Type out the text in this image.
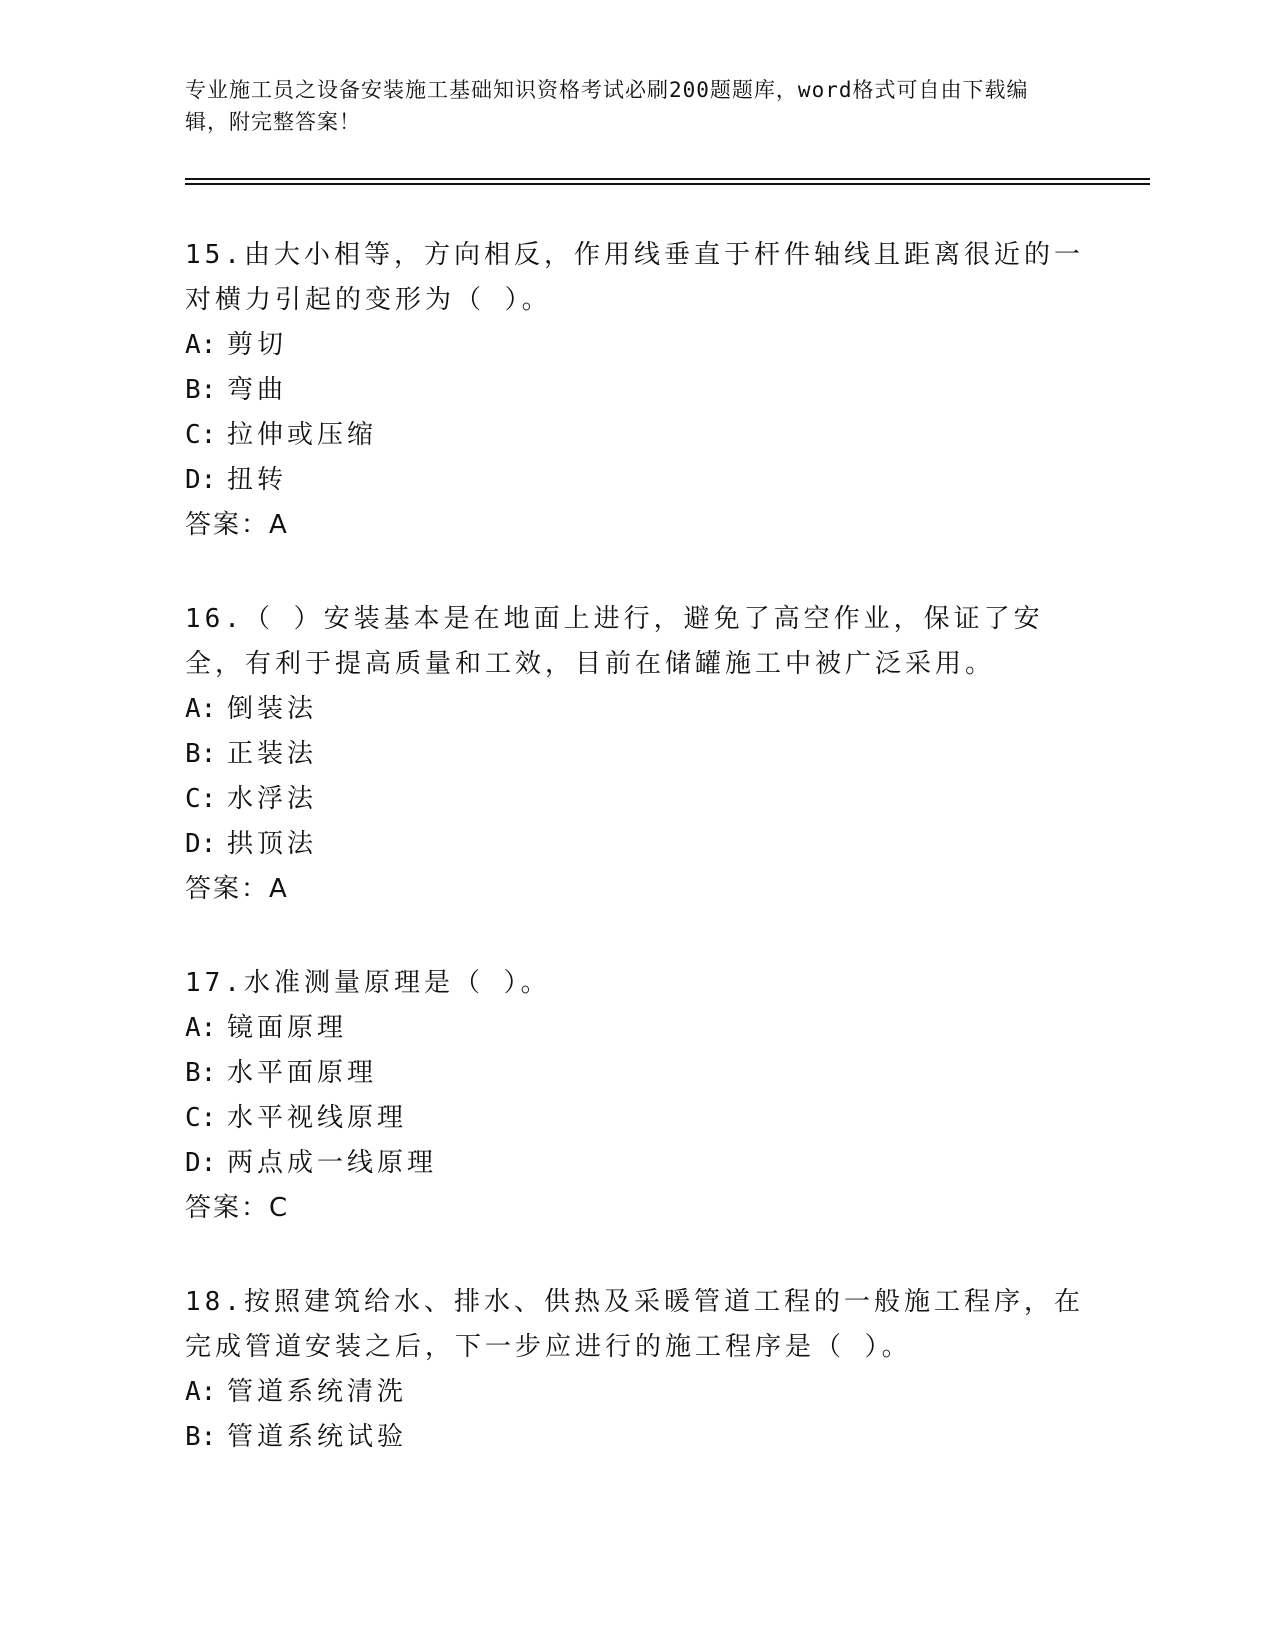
专业施工员之设备安装施工基础知识资格考试必刷200题题库，word格式可自由下载编辑，附完整答案！
15.由大小相等，方向相反，作用线垂直于杆件轴线且距离很近的一对横力引起的变形为（ ）。
A: 剪切
B: 弯曲
C: 拉伸或压缩
D: 扭转
答案：A
16.（ ）安装基本是在地面上进行，避免了高空作业，保证了安全，有利于提高质量和工效，目前在储罐施工中被广泛采用。
A: 倒装法
B: 正装法
C: 水浮法
D: 拱顶法
答案：A
17.水准测量原理是（ ）。
A: 镜面原理
B: 水平面原理
C: 水平视线原理
D: 两点成一线原理
答案：C
18.按照建筑给水、排水、供热及采暖管道工程的一般施工程序，在完成管道安装之后，下一步应进行的施工程序是（ ）。
A: 管道系统清洗
B: 管道系统试验
